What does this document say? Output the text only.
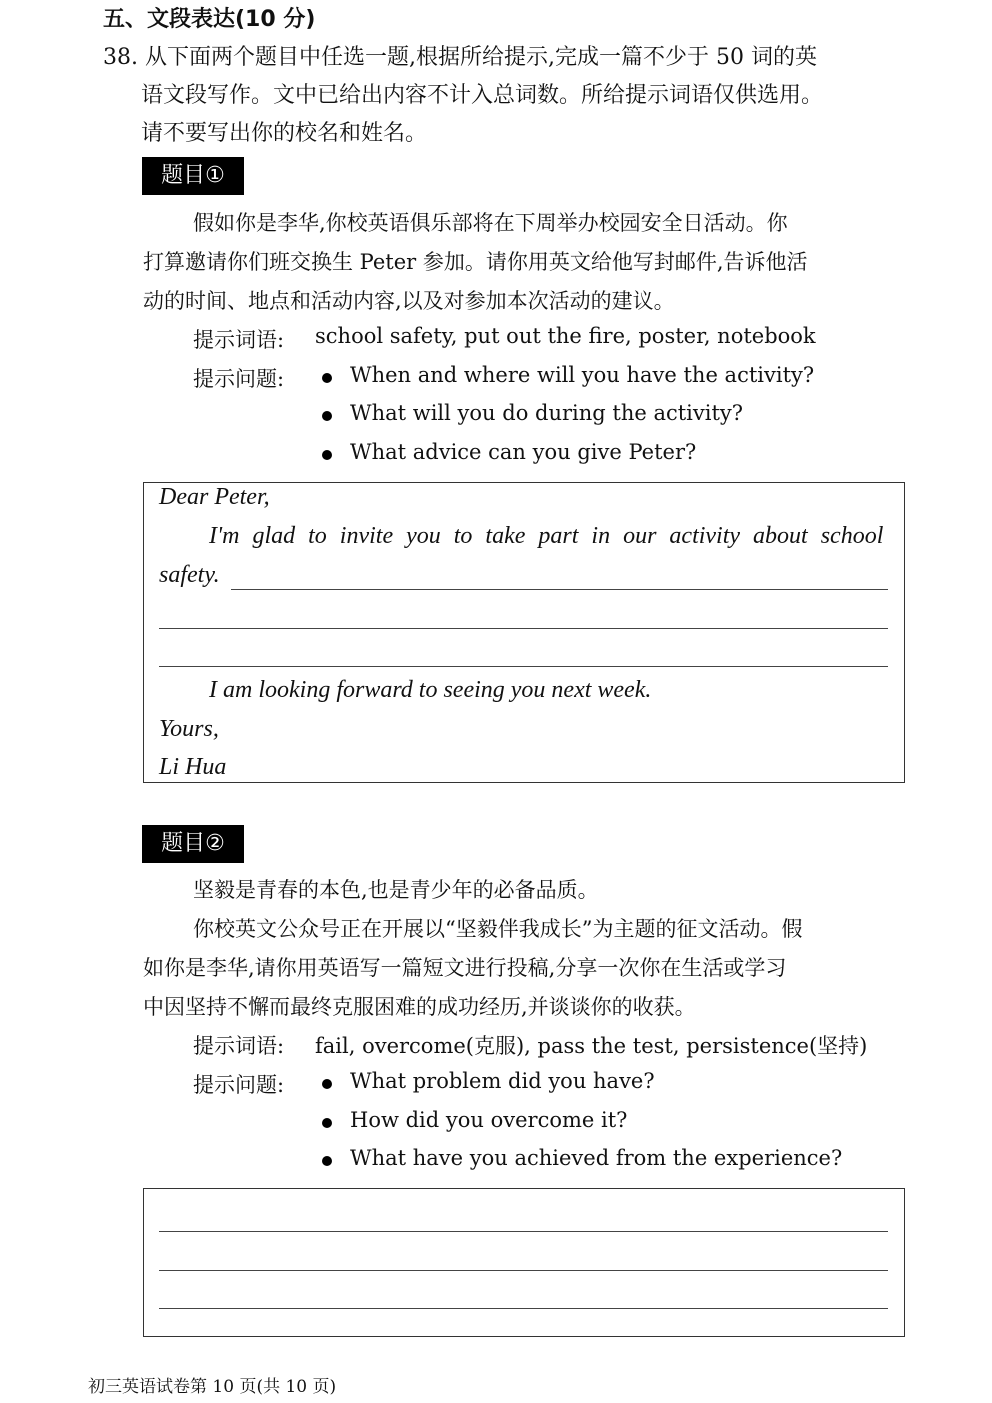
五、文段表达(10 分)
38. 从下面两个题目中任选一题,根据所给提示,完成一篇不少于 50 词的英
语文段写作。文中已给出内容不计入总词数。所给提示词语仅供选用。
请不要写出你的校名和姓名。
题目①
假如你是李华,你校英语俱乐部将在下周举办校园安全日活动。你
打算邀请你们班交换生 Peter 参加。请你用英文给他写封邮件,告诉他活
动的时间、地点和活动内容,以及对参加本次活动的建议。
提示词语: school safety, put out the fire, poster, notebook
提示问题:	When and where will you have the activity?
What will you do during the activity?
What advice can you give Peter?
Dear Peter,
I'm glad to invite you to take part in our activity about school
safety.
I am looking forward to seeing you next week.
Yours,
Li Hua
题目②
坚毅是青春的本色,也是青少年的必备品质。
你校英文公众号正在开展以“坚毅伴我成长”为主题的征文活动。假
如你是李华,请你用英语写一篇短文进行投稿,分享一次你在生活或学习
中因坚持不懈而最终克服困难的成功经历,并谈谈你的收获。
提示词语: fail, overcome(克服), pass the test, persistence(坚持)
提示问题:	What problem did you have?
How did you overcome it?
What have you achieved from the experience?
初三英语试卷第 10 页(共 10 页)
